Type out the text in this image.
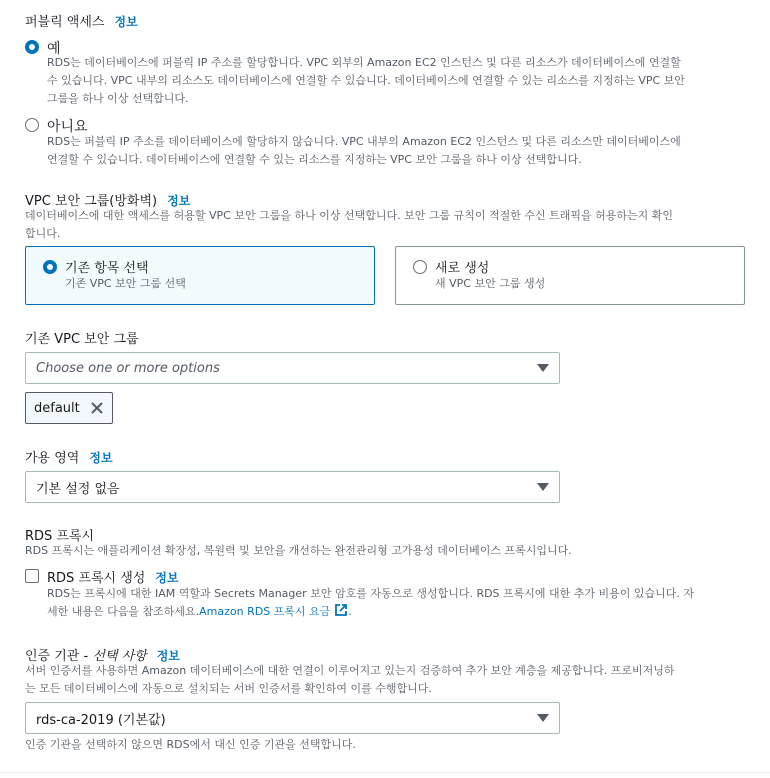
퍼블릭 액세스 정보
예
RDS는 데이터베이스에 퍼블릭 IP 주소를 할당합니다. VPC 외부의 Amazon EC2 인스턴스 및 다른 리소스가 데이터베이스에 연결할
수 있습니다. VPC 내부의 리소스도 데이터베이스에 연결할 수 있습니다. 데이터베이스에 연결할 수 있는 리소스를 지정하는 VPC 보안
그룹을 하나 이상 선택합니다.
아니요
RDS는 퍼블릭 IP 주소를 데이터베이스에 할당하지 않습니다. VPC 내부의 Amazon EC2 인스턴스 및 다른 리소스만 데이터베이스에
연결할 수 있습니다. 데이터베이스에 연결할 수 있는 리소스를 지정하는 VPC 보안 그룹을 하나 이상 선택합니다.
VPC 보안 그룹(방화벽) 정보
데이터베이스에 대한 액세스를 허용할 VPC 보안 그룹을 하나 이상 선택합니다. 보안 그룹 규칙이 적절한 수신 트래픽을 허용하는지 확인
합니다.
기존 항목 선택
기존 VPC 보안 그룹 선택
새로 생성
새 VPC 보안 그룹 생성
기존 VPC 보안 그룹
Choose one or more options
default
가용 영역 정보
기본 설정 없음
RDS 프록시
RDS 프록시는 애플리케이션 확장성, 복원력 및 보안을 개선하는 완전관리형 고가용성 데이터베이스 프록시입니다.
RDS 프록시 생성 정보
RDS는 프록시에 대한 IAM 역할과 Secrets Manager 보안 암호를 자동으로 생성합니다. RDS 프록시에 대한 추가 비용이 있습니다. 자
세한 내용은 다음을 참조하세요.Amazon RDS 프록시 요금 .
인증 기관 - 선택 사항 정보
서버 인증서를 사용하면 Amazon 데이터베이스에 대한 연결이 이루어지고 있는지 검증하여 추가 보안 계층을 제공합니다. 프로비저닝하
는 모든 데이터베이스에 자동으로 설치되는 서버 인증서를 확인하여 이를 수행합니다.
rds-ca-2019 (기본값)
인증 기관을 선택하지 않으면 RDS에서 대신 인증 기관을 선택합니다.
